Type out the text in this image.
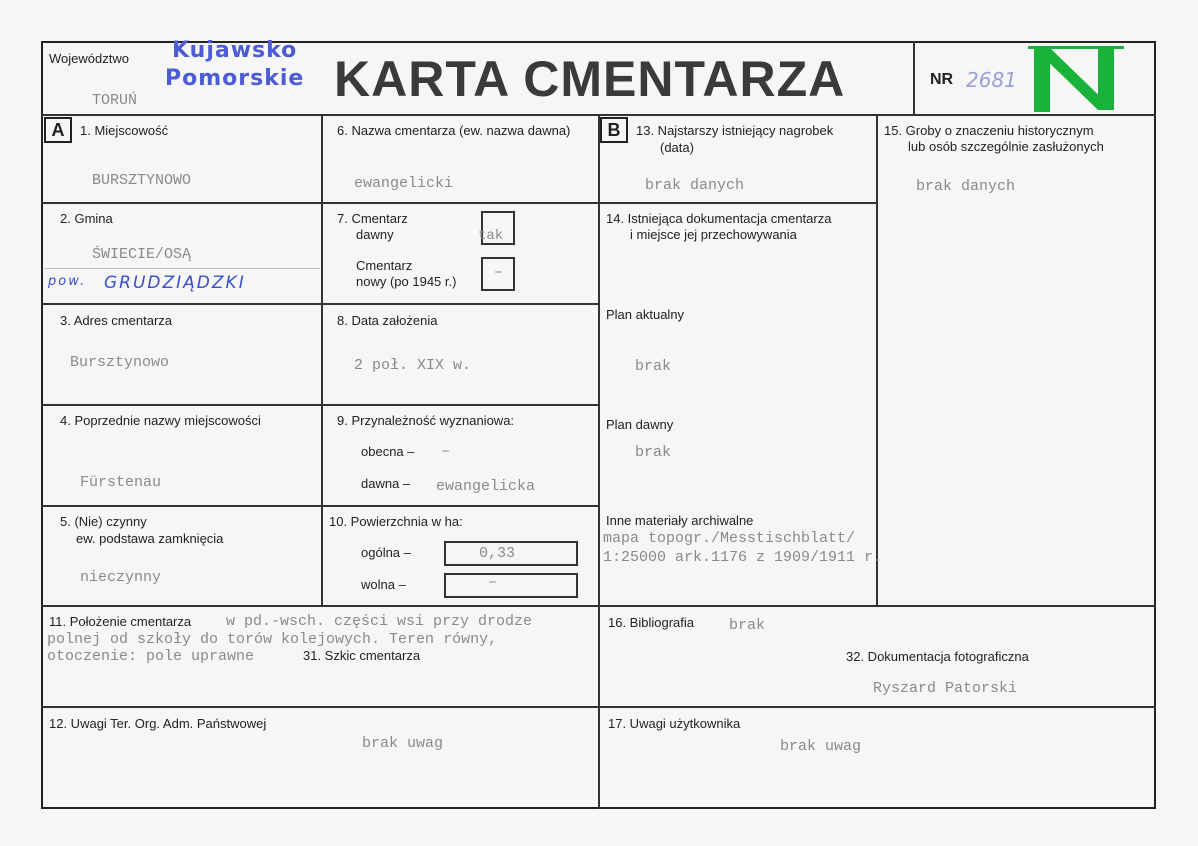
Województwo Kujawsko
Pomorskie
TORUŃ	KARTA CMENTARZA	NR 2681
A	B
1. Miejscowość
BURSZTYNOWO
6. Nazwa cmentarza (ew. nazwa dawna)
ewangelicki
13. Najstarszy istniejący nagrobek
(data)
brak danych
15. Groby o znaczeniu historycznym
lub osób szczególnie zasłużonych
brak danych
2. Gmina
ŚWIECIE/OSĄ
pow. GRUDZIĄDZKI
7. Cmentarz
dawny	tak
Cmentarz
nowy (po 1945 r.)
–
14. Istniejąca dokumentacja cmentarza
i miejsce jej przechowywania
Plan aktualny
brak
Plan dawny
brak
Inne materiały archiwalne
mapa topogr./Messtischblatt/
1:25000 ark.1176 z 1909/1911 r.
3. Adres cmentarza
Bursztynowo
8. Data założenia
2 poł. XIX w.
4. Poprzednie nazwy miejscowości
Fürstenau
9. Przynależność wyznaniowa:
obecna – –
dawna – ewangelicka
5. (Nie) czynny
ew. podstawa zamknięcia
nieczynny
10. Powierzchnia w ha:
ogólna –	0,33
wolna –	–
11. Położenie cmentarza w pd.-wsch. części wsi przy drodze
polnej od szkoły do torów kolejowych. Teren równy,
otoczenie: pole uprawne	31. Szkic cmentarza
16. Bibliografia brak
32. Dokumentacja fotograficzna
Ryszard Patorski
12. Uwagi Ter. Org. Adm. Państwowej
brak uwag
17. Uwagi użytkownika
brak uwag
